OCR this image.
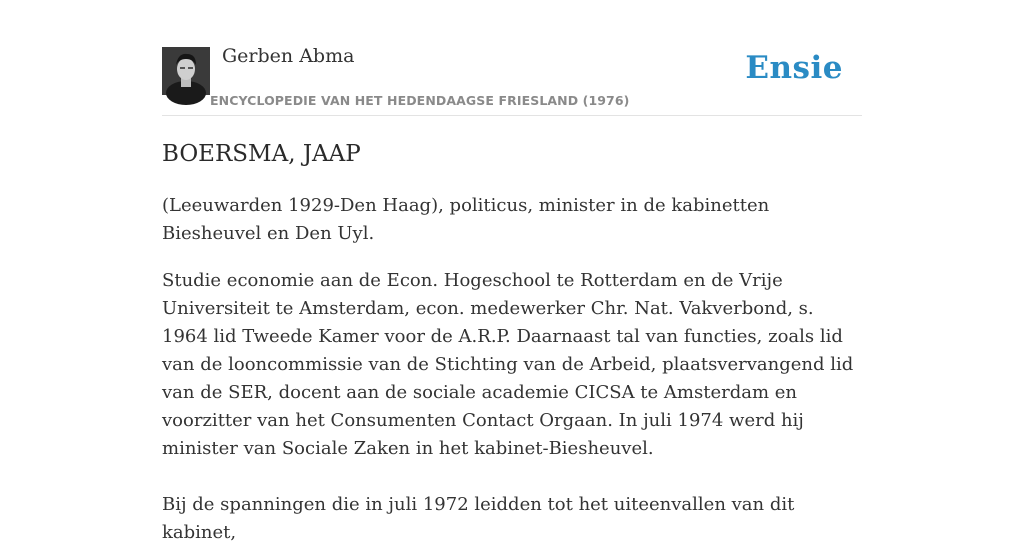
Gerben Abma
ENCYCLOPEDIE VAN HET HEDENDAAGSE FRIESLAND (1976)
Ensie
BOERSMA, JAAP

(Leeuwarden 1929-Den Haag), politicus, minister in de kabinetten Biesheuvel en Den Uyl.

Studie economie aan de Econ. Hogeschool te Rotterdam en de Vrije Universiteit te Amsterdam, econ. medewerker Chr. Nat. Vakverbond, s. 1964 lid Tweede Kamer voor de A.R.P. Daarnaast tal van functies, zoals lid van de looncommissie van de Stichting van de Arbeid, plaatsvervangend lid van de SER, docent aan de sociale academie CICSA te Amsterdam en voorzitter van het Consumenten Contact Orgaan. In juli 1974 werd hij minister van Sociale Zaken in het kabinet-Biesheuvel.

Bij de spanningen die in juli 1972 leidden tot het uiteenvallen van dit kabinet,
